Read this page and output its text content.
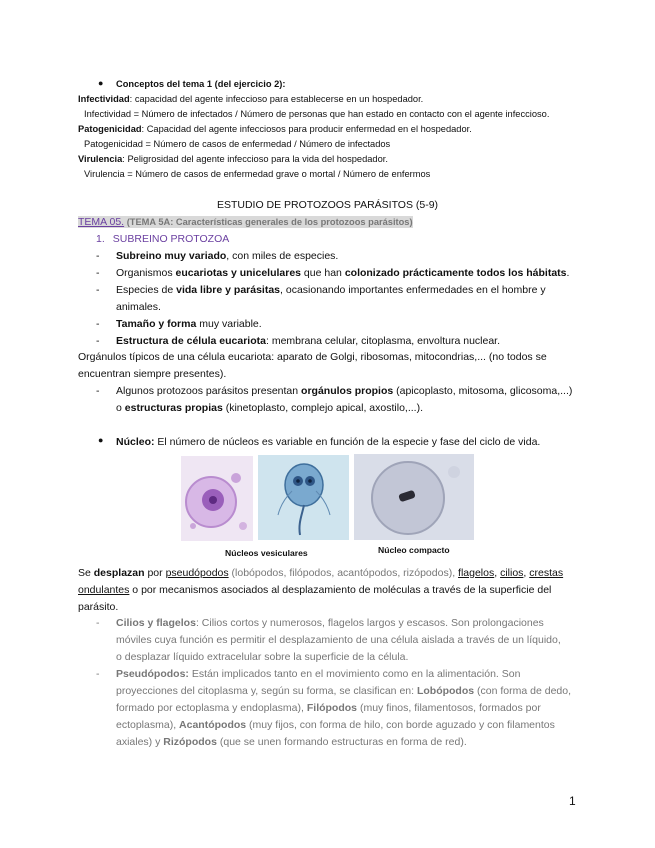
● Conceptos del tema 1 (del ejercicio 2):
Infectividad: capacidad del agente infeccioso para establecerse en un hospedador.
Infectividad = Número de infectados / Número de personas que han estado en contacto con el agente infeccioso.
Patogenicidad: Capacidad del agente infecciosos para producir enfermedad en el hospedador.
Patogenicidad = Número de casos de enfermedad / Número de infectados
Virulencia: Peligrosidad del agente infeccioso para la vida del hospedador.
Virulencia = Número de casos de enfermedad grave o mortal / Número de enfermos
ESTUDIO DE PROTOZOOS PARÁSITOS (5-9)
TEMA 05. (TEMA 5A: Características generales de los protozoos parásitos)
1. SUBREINO PROTOZOA
- Subreino muy variado, con miles de especies.
- Organismos eucariotas y unicelulares que han colonizado prácticamente todos los hábitats.
- Especies de vida libre y parásitas, ocasionando importantes enfermedades en el hombre y
animales.
- Tamaño y forma muy variable.
- Estructura de célula eucariota: membrana celular, citoplasma, envoltura nuclear.
Orgánulos típicos de una célula eucariota: aparato de Golgi, ribosomas, mitocondrias,... (no todos se
encuentran siempre presentes).
- Algunos protozoos parásitos presentan orgánulos propios (apicoplasto, mitosoma, glicosoma,...)
o estructuras propias (kinetoplasto, complejo apical, axostilo,...).
● Núcleo: El número de núcleos es variable en función de la especie y fase del ciclo de vida.
Núcleos vesiculares	Núcleo compacto
Se desplazan por pseudópodos (lobópodos, filópodos, acantópodos, rizópodos), flagelos, cilios, crestas
ondulantes o por mecanismos asociados al desplazamiento de moléculas a través de la superficie del
parásito.
- Cilios y flagelos: Cilios cortos y numerosos, flagelos largos y escasos. Son prolongaciones
móviles cuya función es permitir el desplazamiento de una célula aislada a través de un líquido,
o desplazar líquido extracelular sobre la superficie de la célula.
- Pseudópodos: Están implicados tanto en el movimiento como en la alimentación. Son
proyecciones del citoplasma y, según su forma, se clasifican en: Lobópodos (con forma de dedo,
formado por ectoplasma y endoplasma), Filópodos (muy finos, filamentosos, formados por
ectoplasma), Acantópodos (muy fijos, con forma de hilo, con borde aguzado y con filamentos
axiales) y Rizópodos (que se unen formando estructuras en forma de red).
1
